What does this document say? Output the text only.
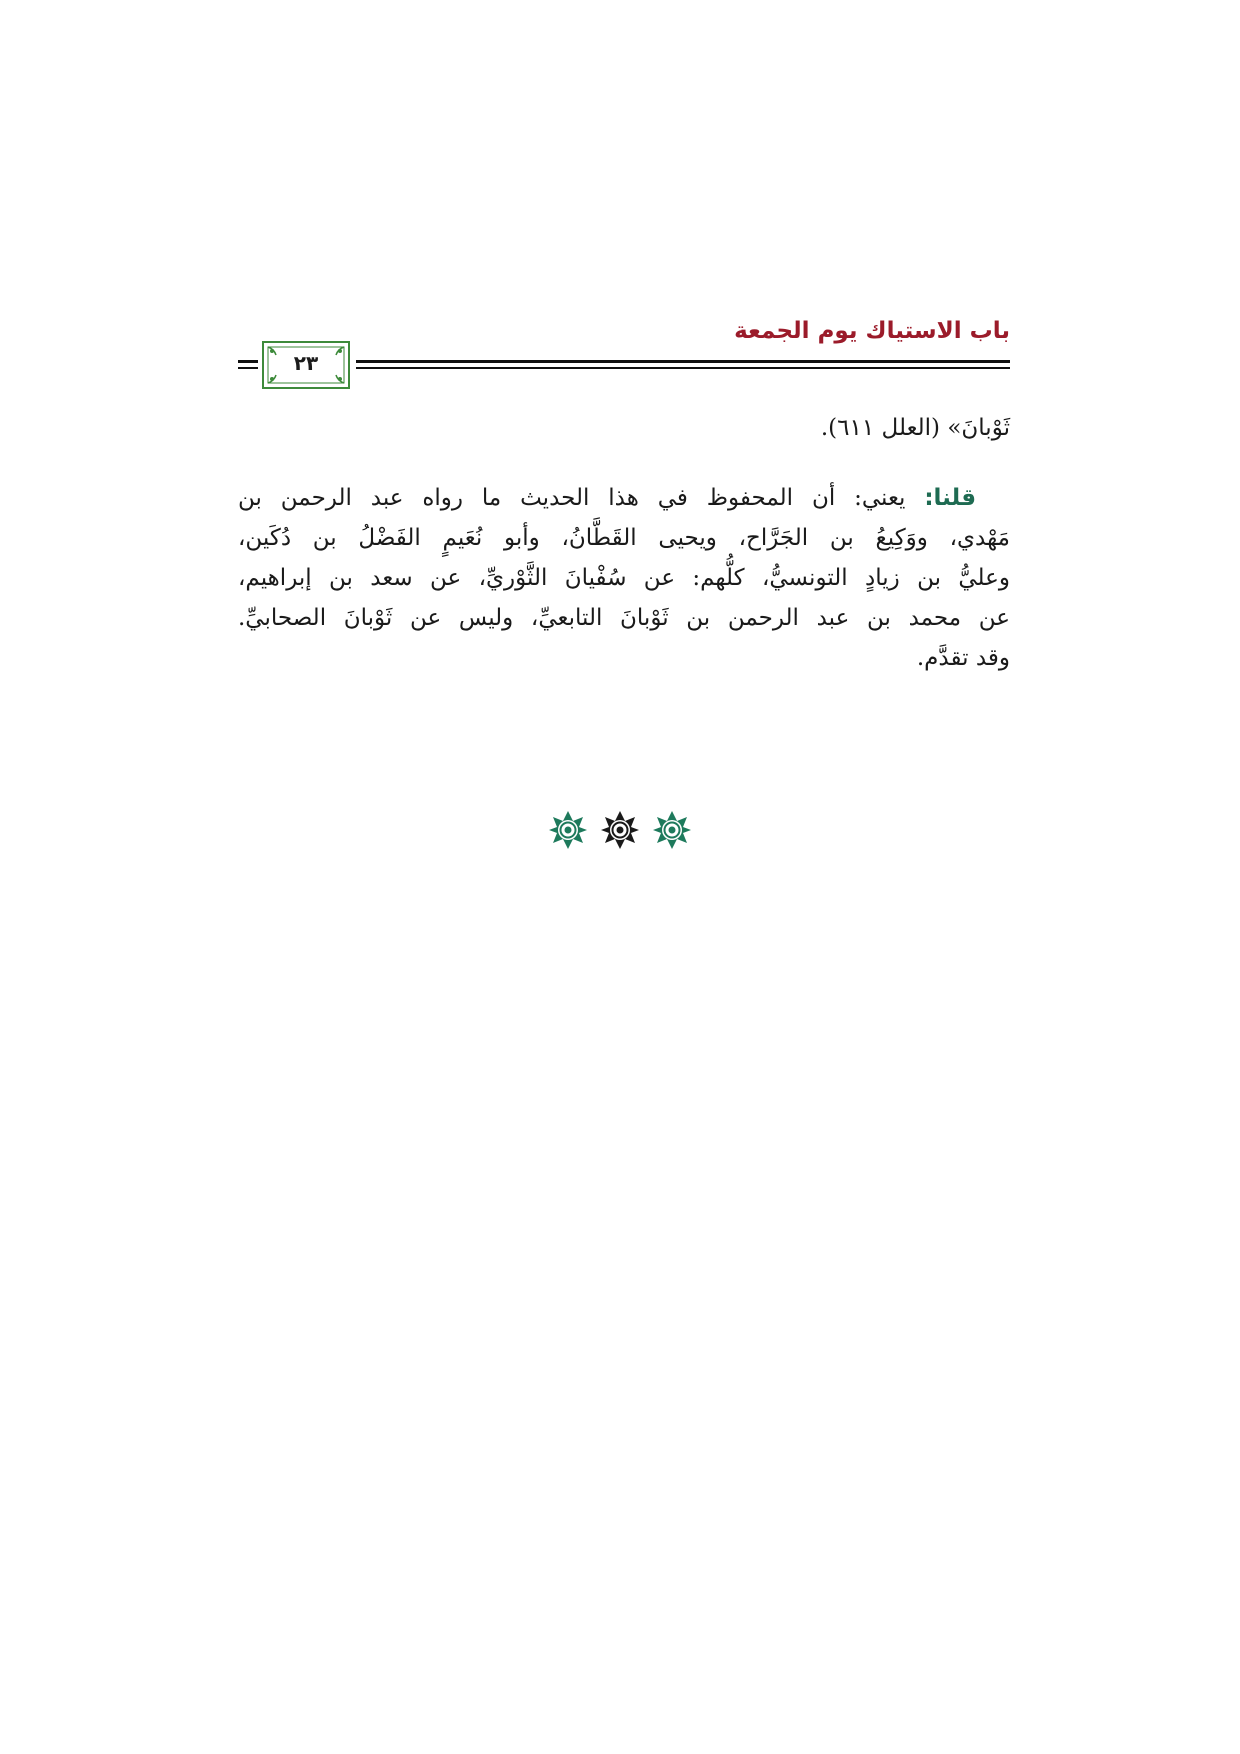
باب الاستياك يوم الجمعة
٢٣
ثَوْبانَ» (العلل ٦١١).
قلنا: يعني: أن المحفوظ في هذا الحديث ما رواه عبد الرحمن بن
مَهْدي، ووَكِيعُ بن الجَرَّاح، ويحيى القَطَّانُ، وأبو نُعَيمٍ الفَضْلُ بن دُكَين،
وعليُّ بن زيادٍ التونسيُّ، كلُّهم: عن سُفْيانَ الثَّوْريِّ، عن سعد بن إبراهيم،
عن محمد بن عبد الرحمن بن ثَوْبانَ التابعيِّ، وليس عن ثَوْبانَ الصحابيِّ.
وقد تقدَّم.
